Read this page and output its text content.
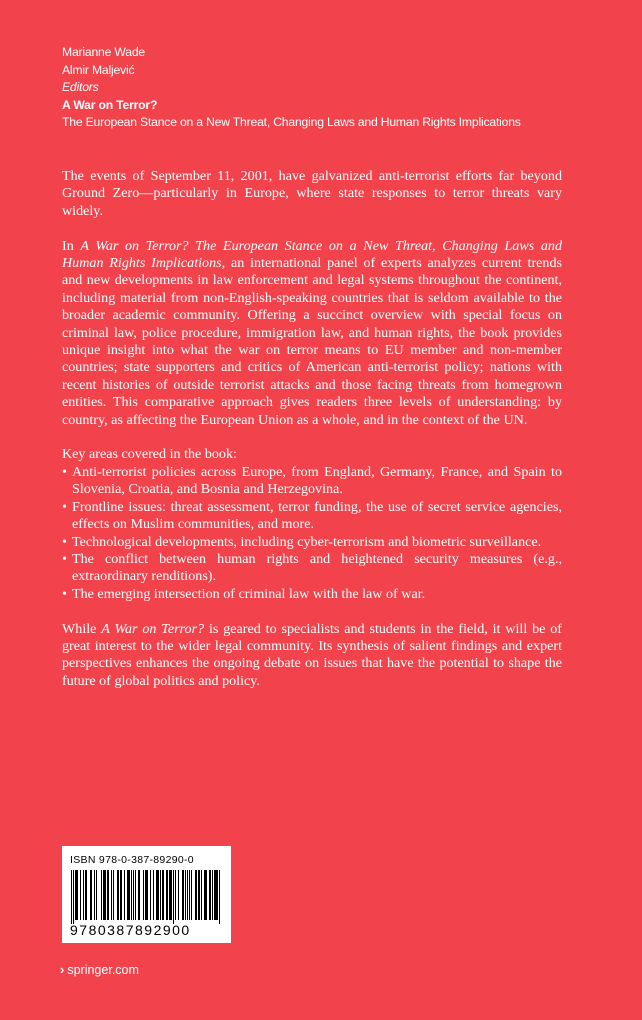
Marianne Wade
Almir Maljević
Editors
A War on Terror?
The European Stance on a New Threat, Changing Laws and Human Rights Implications

The events of September 11, 2001, have galvanized anti-terrorist efforts far beyond Ground Zero—particularly in Europe, where state responses to terror threats vary widely.

In A War on Terror? The European Stance on a New Threat, Changing Laws and Human Rights Implications, an international panel of experts analyzes current trends and new developments in law enforcement and legal systems throughout the continent, including material from non-English-speaking countries that is seldom available to the broader academic community. Offering a succinct overview with special focus on criminal law, police procedure, immigration law, and human rights, the book provides unique insight into what the war on terror means to EU member and non-member countries; state supporters and critics of American anti-terrorist policy; nations with recent histories of outside terrorist attacks and those facing threats from homegrown entities. This comparative approach gives readers three levels of understanding: by country, as affecting the European Union as a whole, and in the context of the UN.

Key areas covered in the book:
• Anti-terrorist policies across Europe, from England, Germany, France, and Spain to Slovenia, Croatia, and Bosnia and Herzegovina.
• Frontline issues: threat assessment, terror funding, the use of secret service agencies, effects on Muslim communities, and more.
• Technological developments, including cyber-terrorism and biometric surveillance.
• The conflict between human rights and heightened security measures (e.g., extraordinary renditions).
• The emerging intersection of criminal law with the law of war.

While A War on Terror? is geared to specialists and students in the field, it will be of great interest to the wider legal community. Its synthesis of salient findings and expert perspectives enhances the ongoing debate on issues that have the potential to shape the future of global politics and policy.

ISBN 978-0-387-89290-0
9780387892900
› springer.com
